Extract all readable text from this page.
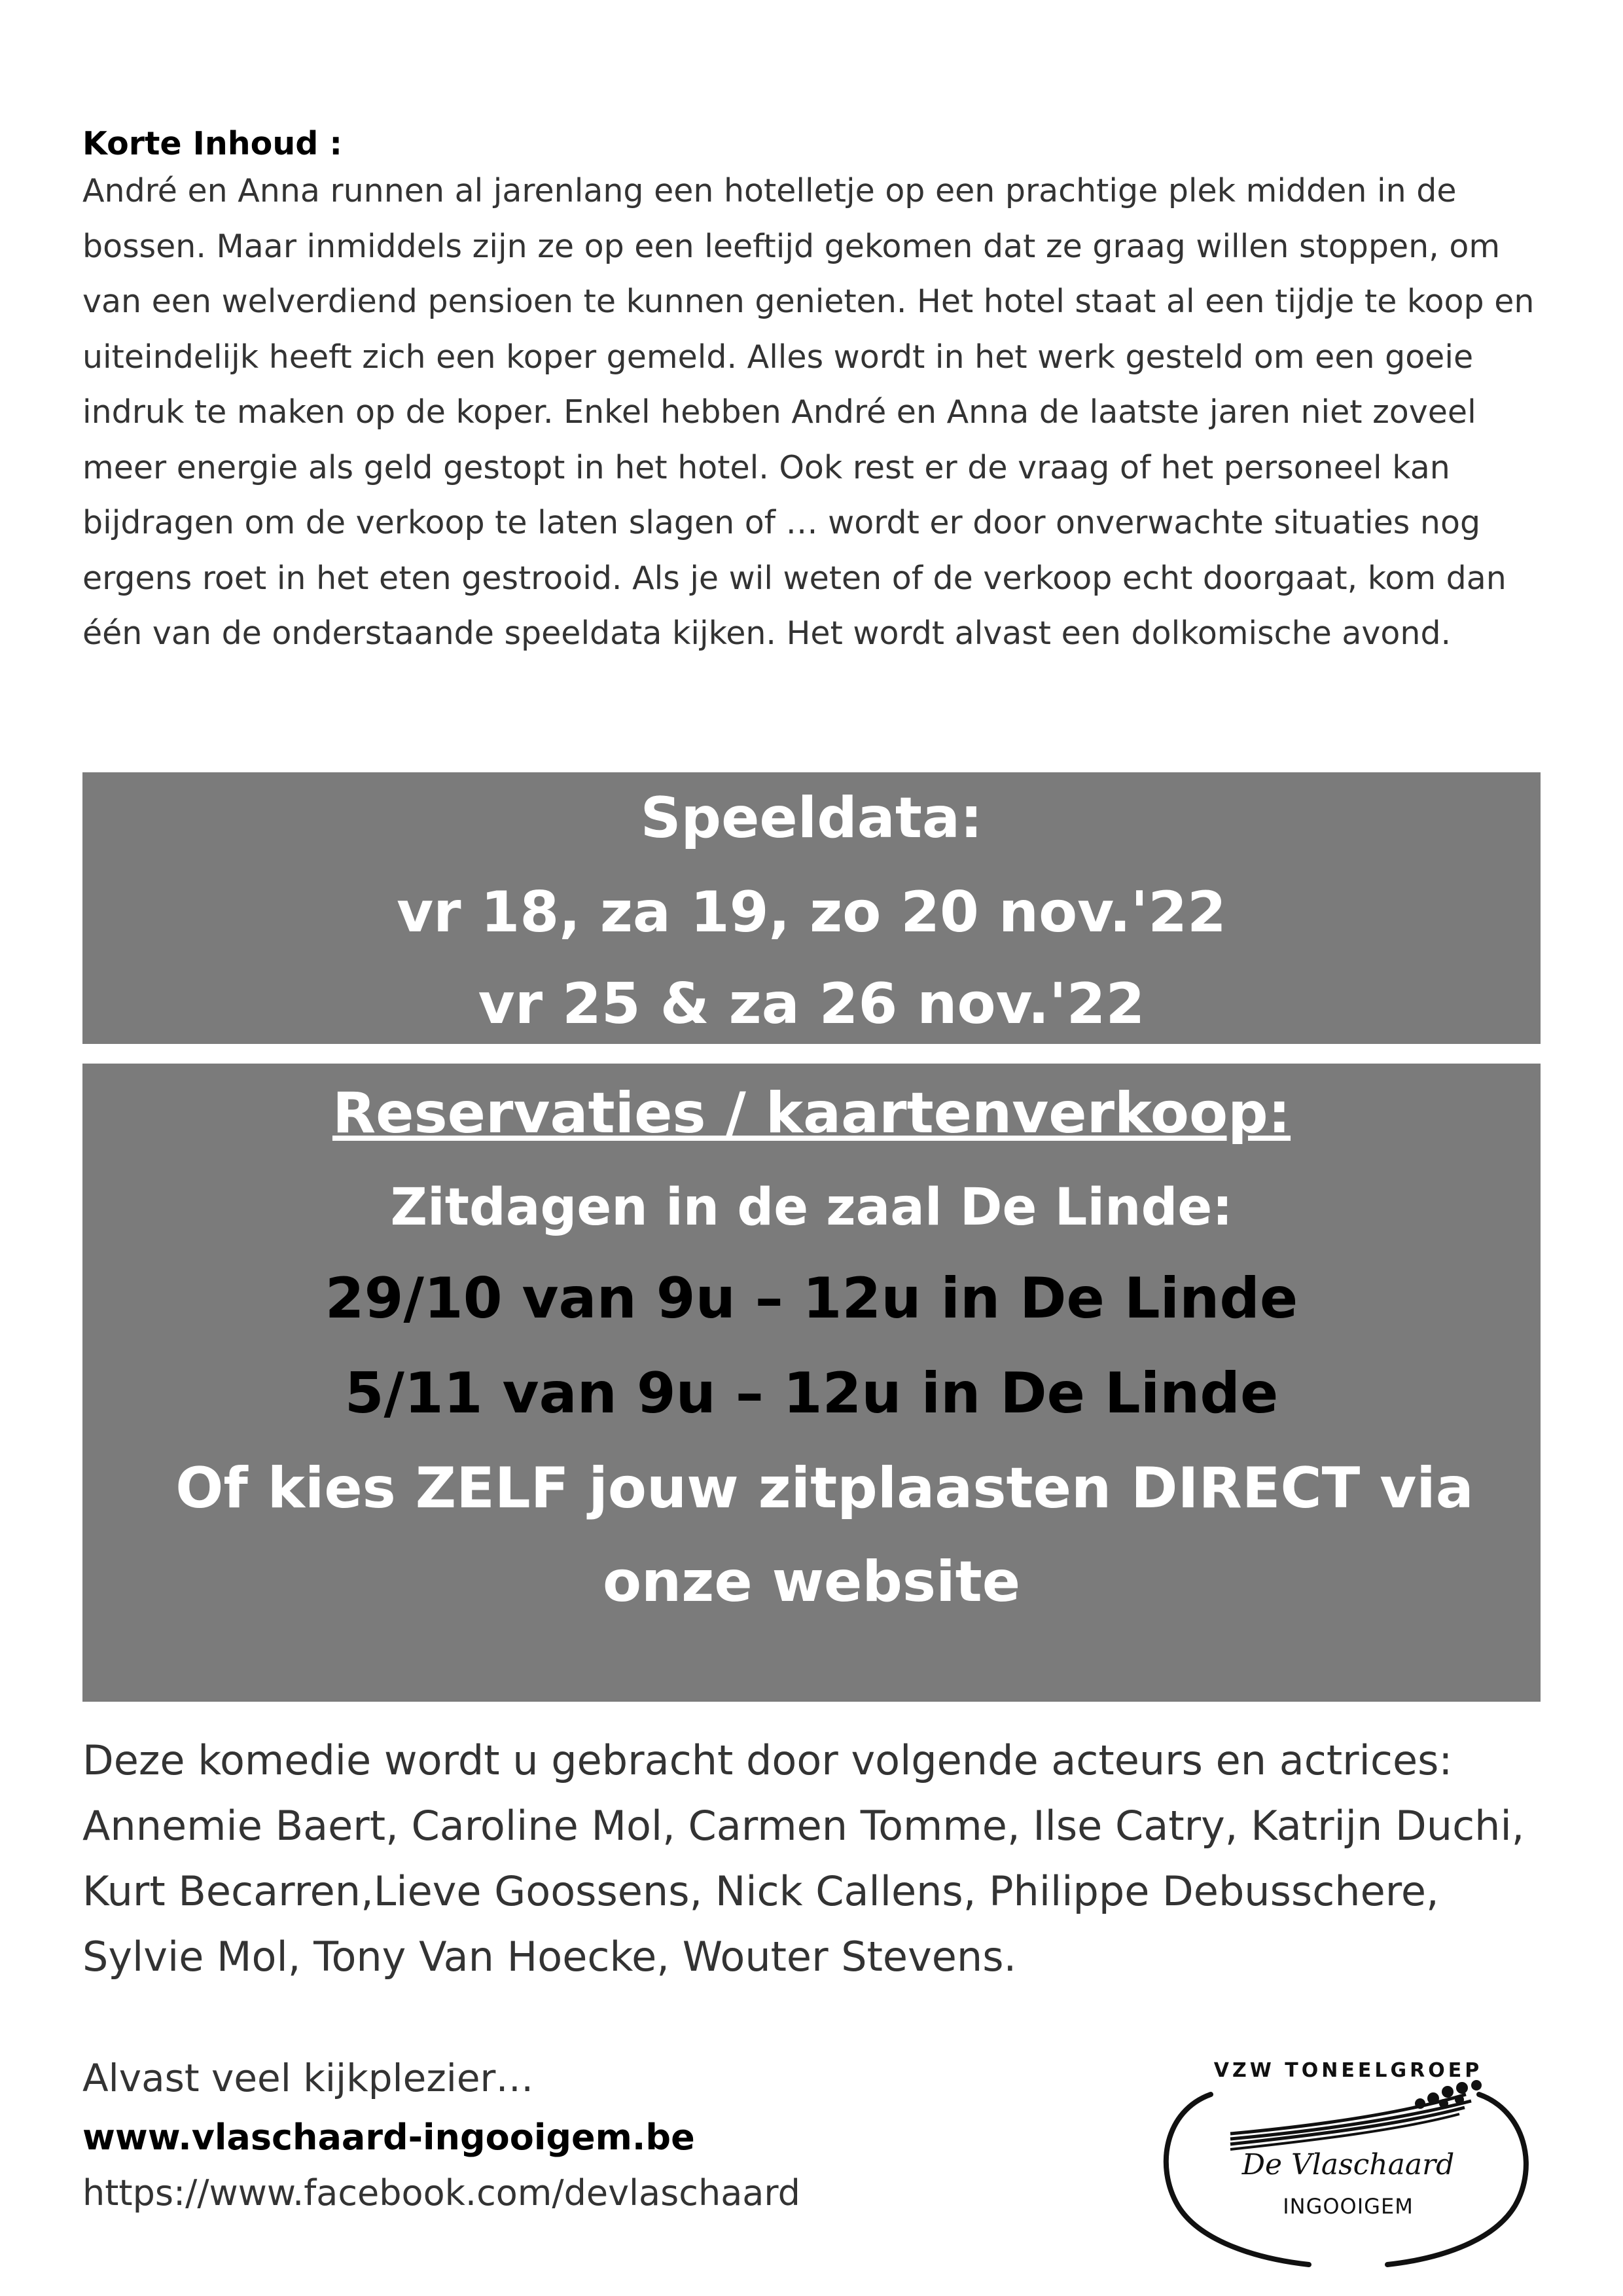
Korte Inhoud :

André en Anna runnen al jarenlang een hotelletje op een prachtige plek midden in de bossen. Maar inmiddels zijn ze op een leeftijd gekomen dat ze graag willen stoppen, om van een welverdiend pensioen te kunnen genieten. Het hotel staat al een tijdje te koop en uiteindelijk heeft zich een koper gemeld. Alles wordt in het werk gesteld om een goeie indruk te maken op de koper. Enkel hebben André en Anna de laatste jaren niet zoveel meer energie als geld gestopt in het hotel. Ook rest er de vraag of het personeel kan bijdragen om de verkoop te laten slagen of … wordt er door onverwachte situaties nog ergens roet in het eten gestrooid. Als je wil weten of de verkoop echt doorgaat, kom dan één van de onderstaande speeldata kijken. Het wordt alvast een dolkomische avond.

Speeldata:
vr 18, za 19, zo 20 nov.'22
vr 25 & za 26 nov.'22
Reservaties / kaartenverkoop:
Zitdagen in de zaal De Linde:
29/10 van 9u – 12u in De Linde
5/11 van 9u – 12u in De Linde
Of kies ZELF jouw zitplaasten DIRECT via
onze website

Deze komedie wordt u gebracht door volgende acteurs en actrices: Annemie Baert, Caroline Mol, Carmen Tomme, Ilse Catry, Katrijn Duchi, Kurt Becarren,Lieve Goossens, Nick Callens, Philippe Debusschere, Sylvie Mol, Tony Van Hoecke, Wouter Stevens.

Alvast veel kijkplezier…
www.vlaschaard-ingooigem.be
https://www.facebook.com/devlaschaard
VZW TONEELGROEP
De Vlaschaard
INGOOIGEM
